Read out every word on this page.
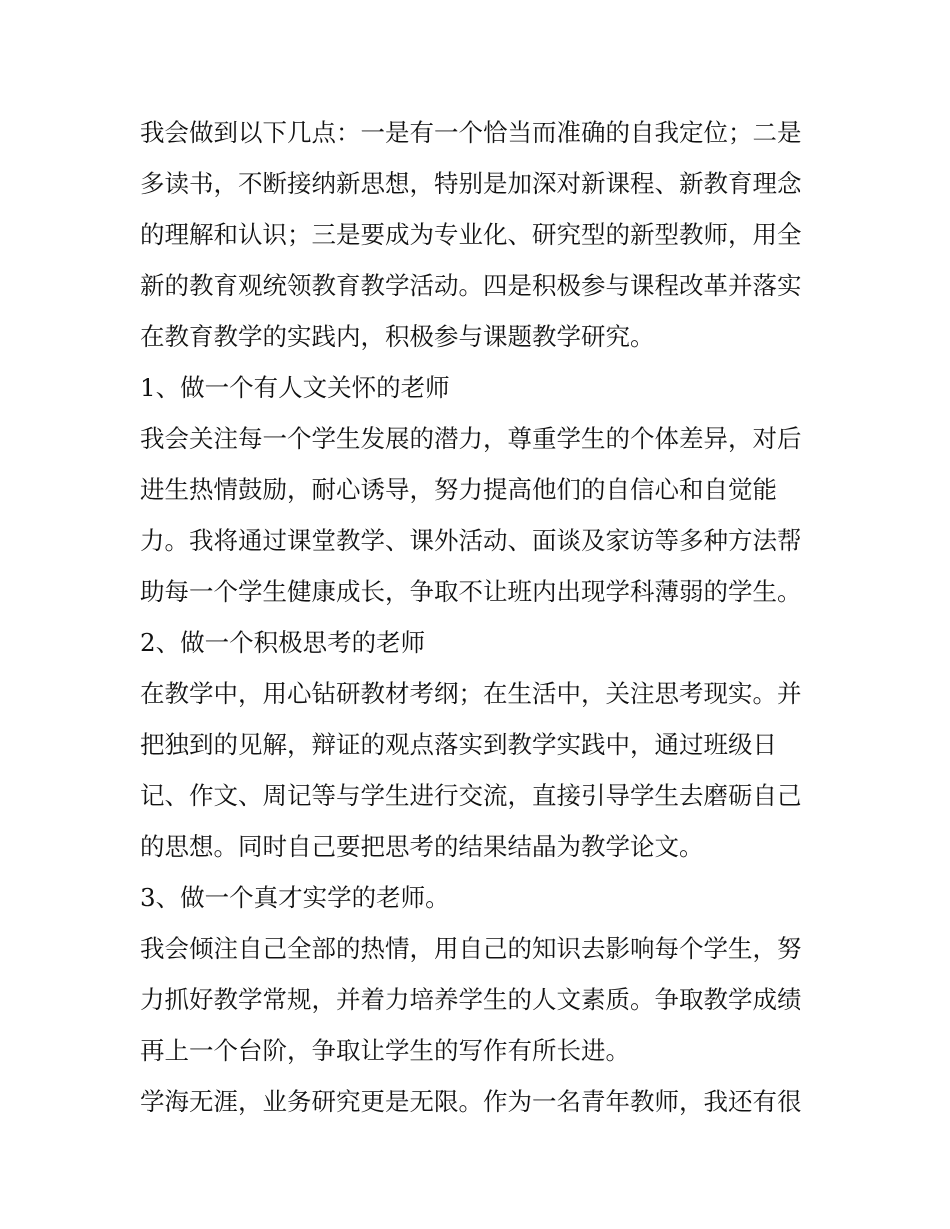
我会做到以下几点：一是有一个恰当而准确的自我定位；二是
多读书，不断接纳新思想，特别是加深对新课程、新教育理念
的理解和认识；三是要成为专业化、研究型的新型教师，用全
新的教育观统领教育教学活动。四是积极参与课程改革并落实
在教育教学的实践内，积极参与课题教学研究。
1、做一个有人文关怀的老师
我会关注每一个学生发展的潜力，尊重学生的个体差异，对后
进生热情鼓励，耐心诱导，努力提高他们的自信心和自觉能
力。我将通过课堂教学、课外活动、面谈及家访等多种方法帮
助每一个学生健康成长，争取不让班内出现学科薄弱的学生。
2、做一个积极思考的老师
在教学中，用心钻研教材考纲；在生活中，关注思考现实。并
把独到的见解，辩证的观点落实到教学实践中，通过班级日
记、作文、周记等与学生进行交流，直接引导学生去磨砺自己
的思想。同时自己要把思考的结果结晶为教学论文。
3、做一个真才实学的老师。
我会倾注自己全部的热情，用自己的知识去影响每个学生，努
力抓好教学常规，并着力培养学生的人文素质。争取教学成绩
再上一个台阶，争取让学生的写作有所长进。
学海无涯，业务研究更是无限。作为一名青年教师，我还有很
